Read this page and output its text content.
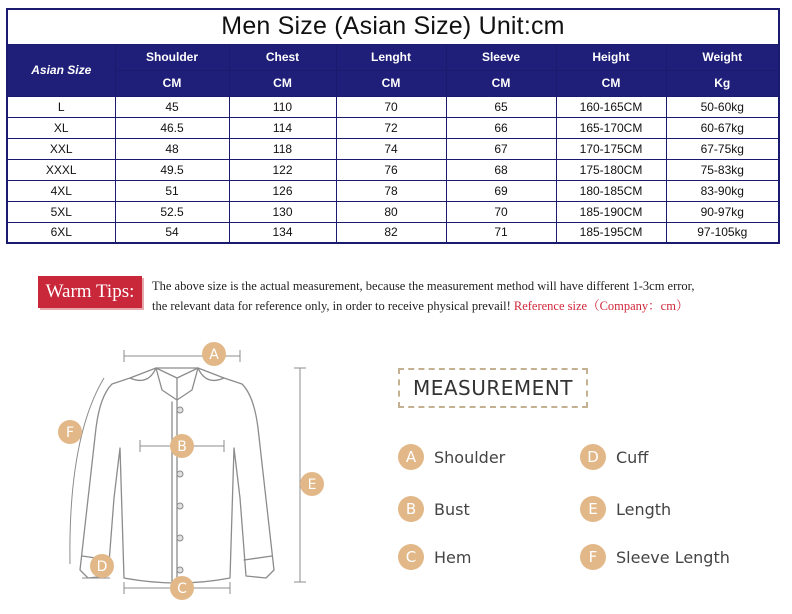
Men Size (Asian Size) Unit:cm						
Asian Size	Shoulder	Chest	Lenght	Sleeve	Height	Weight
	CM	CM	CM	CM	CM	Kg
L	45	110	70	65	160-165CM	50-60kg
XL	46.5	114	72	66	165-170CM	60-67kg
XXL	48	118	74	67	170-175CM	67-75kg
XXXL	49.5	122	76	68	175-180CM	75-83kg
4XL	51	126	78	69	180-185CM	83-90kg
5XL	52.5	130	80	70	185-190CM	90-97kg
6XL	54	134	82	71	185-195CM	97-105kg
Warm Tips:	The above size is the actual measurement, because the measurement method will have different 1-3cm error,
the relevant data for reference only, in order to receive physical prevail! Reference size（Company：cm）
A
B
C
D
E
F
MEASUREMENT
A	Shoulder
B	Bust
C	Hem
D	Cuff
E	Length
F	Sleeve Length
